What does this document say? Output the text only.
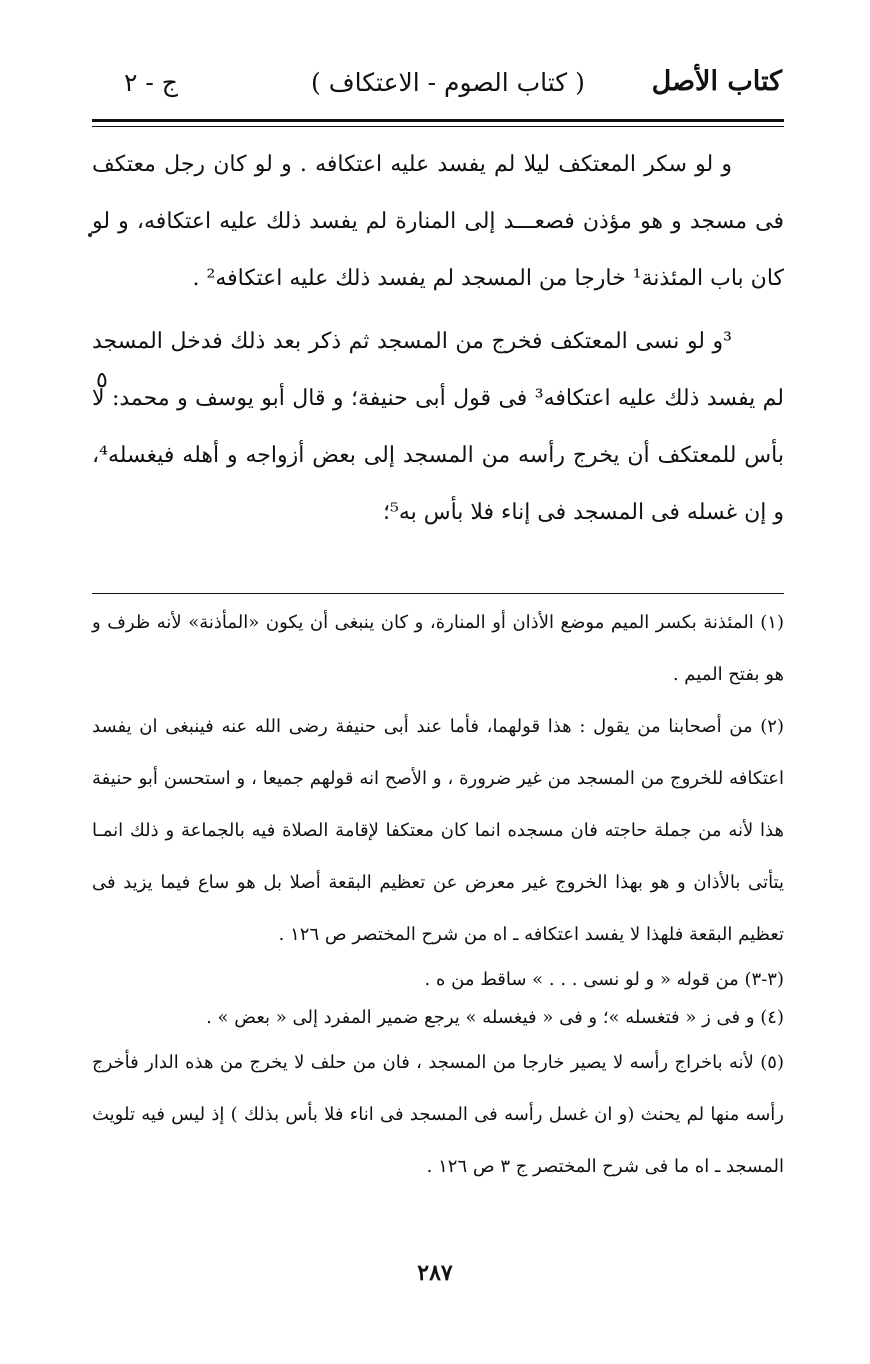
كتاب الأصل
( كتاب الصوم - الاعتكاف )
ج - ٢

و لو سكر المعتكف ليلا لم يفسد عليه اعتكافه . و لو كان رجل معتكف فى مسجد و هو مؤذن فصعـــد إلى المنارة لم يفسد ذلك عليه اعتكافه، و لو كان باب المئذنة¹ خارجا من المسجد لم يفسد ذلك عليه اعتكافه² .

³و لو نسى المعتكف فخرج من المسجد ثم ذكر بعد ذلك فدخل المسجد لم يفسد ذلك عليه اعتكافه³ فى قول أبى حنيفة؛ و قال أبو يوسف و محمد: لا بأس للمعتكف أن يخرج رأسه من المسجد إلى بعض أزواجه و أهله فيغسله⁴، و إن غسله فى المسجد فى إناء فلا بأس به⁵؛

٥

(١) المئذنة بكسر الميم موضع الأذان أو المنارة، و كان ينبغى أن يكون «المأذنة» لأنه ظرف و هو بفتح الميم .

(٢) من أصحابنا من يقول : هذا قولهما، فأما عند أبى حنيفة رضى الله عنه فينبغى ان يفسد اعتكافه للخروج من المسجد من غير ضرورة ، و الأصح انه قولهم جميعا ، و استحسن أبو حنيفة هذا لأنه من جملة حاجته فان مسجده انما كان معتكفا لإقامة الصلاة فيه بالجماعة و ذلك انمـا يتأتى بالأذان و هو بهذا الخروج غير معرض عن تعظيم البقعة أصلا بل هو ساع فيما يزيد فى تعظيم البقعة فلهذا لا يفسد اعتكافه ـ اه من شرح المختصر ص ١٢٦ .

(٣-٣) من قوله « و لو نسى . . . » ساقط من ه .

(٤) و فى ز « فتغسله »؛ و فى « فيغسله » يرجع ضمير المفرد إلى « بعض » .

(٥) لأنه باخراج رأسه لا يصير خارجا من المسجد ، فان من حلف لا يخرج من هذه الدار فأخرج رأسه منها لم يحنث (و ان غسل رأسه فى المسجد فى اناء فلا بأس بذلك ) إذ ليس فيه تلويث المسجد ـ اه ما فى شرح المختصر ج ٣ ص ١٢٦ .

٢٨٧
